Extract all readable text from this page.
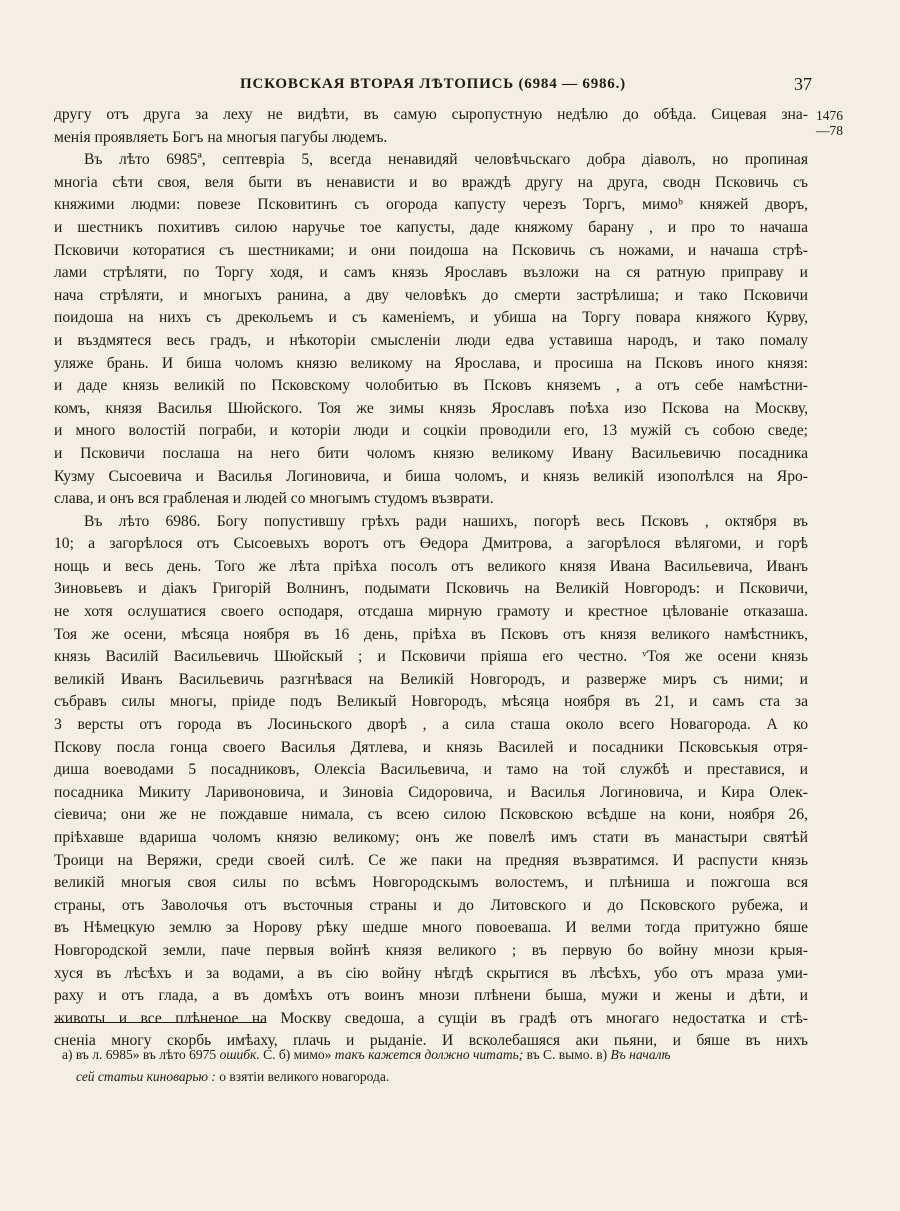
ПСКОВСКАЯ ВТОРАЯ ЛѢТОПИСЬ (6984 — 6986.)	37
1476
—78
другу отъ друга за леху не видѣти, въ самую сыропустную недѣлю до обѣда. Сицевая зна-
менія проявляеть Богъ на многыя пагубы людемъ.
Въ лѣто 6985ª, септевріа 5, всегда ненавидяй человѣчьскаго добра діаволъ, но пропиная
многіа сѣти своя, веля быти въ ненависти и во враждѣ другу на друга, сводн Псковичь съ
княжими людми: повезе Псковитинъ съ огорода капусту черезъ Торгъ, мимоᵇ княжей дворъ,
и шестникъ похитивъ силою наручье тое капусты, даде княжому барану , и про то начаша
Псковичи которатися съ шестниками; и они поидоша на Псковичь съ ножами, и начаша стрѣ-
лами стрѣляти, по Торгу ходя, и самъ князь Ярославъ възложи на ся ратную приправу и
нача стрѣляти, и многыхъ ранина, а дву человѣкъ до смерти застрѣлиша; и тако Псковичи
поидоша на нихъ съ дрекольемъ и съ каменіемъ, и убиша на Торгу повара княжого Курву,
и въздмятеся весь градъ, и нѣкоторіи смысленіи люди едва уставиша народъ, и тако помалу
уляже брань. И биша чоломъ князю великому на Ярослава, и просиша на Псковъ иного князя:
и даде князь великій по Псковскому чолобитью въ Псковъ княземъ , а отъ себе намѣстни-
комъ, князя Василья Шюйского. Тоя же зимы князь Ярославъ поѣха изо Пскова на Москву,
и много волостій пограби, и которіи люди и соцкіи проводили его, 13 мужій съ собою сведе;
и Псковичи послаша на него бити чоломъ князю великому Ивану Васильевичю посадника
Кузму Сысоевича и Василья Логиновича, и биша чоломъ, и князь великій изополѣлся на Яро-
слава, и онъ вся грабленая и людей со многымъ студомъ възврати.
Въ лѣто 6986. Богу попустившу грѣхъ ради нашихъ, погорѣ весь Псковъ , октября въ
10; а загорѣлося отъ Сысоевыхъ воротъ отъ Өедора Дмитрова, а загорѣлося вѣлягоми, и горѣ
нощь и весь день. Того же лѣта пріѣха посолъ отъ великого князя Ивана Васильевича, Иванъ
Зиновьевъ и діакъ Григорій Волнинъ, подымати Псковичь на Великій Новгородъ: и Псковичи,
не хотя ослушатися своего осподаря, отсдаша мирную грамоту и крестное цѣлованіе отказаша.
Тоя же осени, мѣсяца ноября въ 16 день, пріѣха въ Псковъ отъ князя великого намѣстникъ,
князь Василій Васильевичь Шюйскый ; и Псковичи пріяша его честно. ᵛТоя же осени князь
великій Иванъ Васильевичь разгнѣвася на Великій Новгородъ, и разверже миръ съ ними; и
събравъ силы многы, пріиде подъ Великый Новгородъ, мѣсяца ноября въ 21, и самъ ста за
3 версты отъ города въ Лосиньского дворѣ , а сила сташа около всего Новагорода. А ко
Пскову посла гонца своего Василья Дятлева, и князь Василей и посадники Псковськыя отря-
диша воеводами 5 посадниковъ, Олексіа Васильевича, и тамо на той службѣ и преставися, и
посадника Микиту Ларивоновича, и Зиновіа Сидоровича, и Василья Логиновича, и Кира Олек-
сіевича; они же не пождавше нимала, съ всею силою Псковскою всѣдше на кони, ноября 26,
пріѣхавше вдариша чоломъ князю великому; онъ же повелѣ имъ стати въ манастыри святѣй
Троици на Веряжи, среди своей силѣ. Се же паки на предняя възвратимся. И распусти князь
великій многыя своя силы по всѣмъ Новгородскымъ волостемъ, и плѣниша и пожгоша вся
страны, отъ Заволочья отъ въсточныя страны и до Литовского и до Псковского рубежа, и
въ Нѣмецкую землю за Норову рѣку шедше много повоеваша. И велми тогда притужно бяше
Новгородской земли, паче первыя войнѣ князя великого ; въ первую бо войну мнози крыя-
хуся въ лѣсѣхъ и за водами, а въ сію войну нѣгдѣ скрытися въ лѣсѣхъ, убо отъ мраза уми-
раху и отъ глада, а въ домѣхъ отъ воинъ мнози плѣнени быша, мужи и жены и дѣти, и
животы и все плѣненое на Москву сведоша, а сущіи въ градѣ отъ многаго недостатка и стѣ-
сненіа многу скорбь имѣаху, плачь и рыданіе. И всколебашяся аки пьяни, и бяше въ нихъ
а) въ л. 6985» въ лѣто 6975 ошибк. С. б) мимо» такъ кажется должно читать; въ С. вымо. в) Въ началѣ
сей статьи киноварью : о взятіи великого новагорода.
